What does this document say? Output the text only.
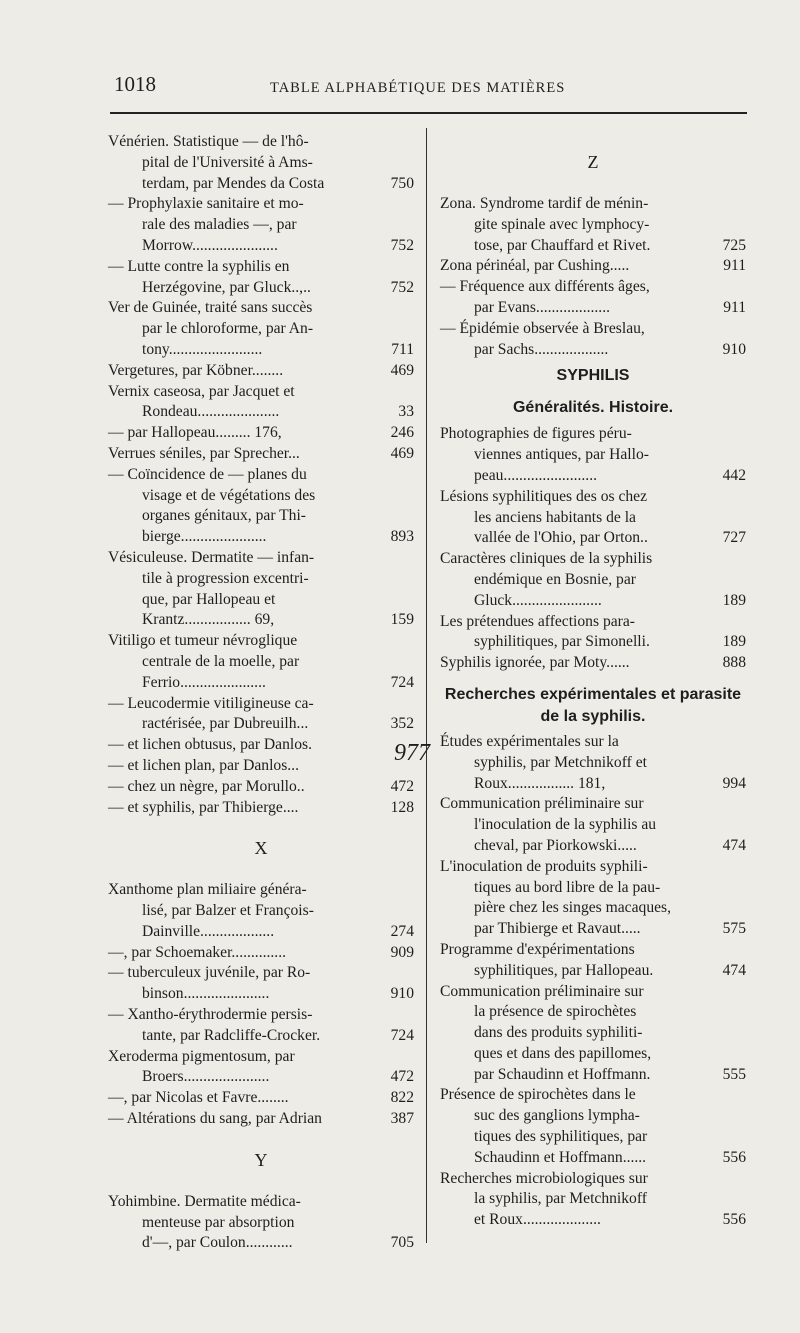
1018	TABLE ALPHABÉTIQUE DES MATIÈRES
Vénérien. Statistique — de l'hô-
pital de l'Université à Ams-
terdam, par Mendes da Costa	750
— Prophylaxie sanitaire et mo-
rale des maladies —, par
Morrow......................	752
— Lutte contre la syphilis en
Herzégovine, par Gluck..,..	752
Ver de Guinée, traité sans succès
par le chloroforme, par An-
tony........................	711
Vergetures, par Köbner........	469
Vernix caseosa, par Jacquet et
Rondeau.....................	33
— par Hallopeau......... 176,	246
Verrues séniles, par Sprecher...	469
— Coïncidence de — planes du
visage et de végétations des
organes génitaux, par Thi-
bierge......................	893
Vésiculeuse. Dermatite — infan-
tile à progression excentri-
que, par Hallopeau et
Krantz................. 69,	159
Vitiligo et tumeur névroglique
centrale de la moelle, par
Ferrio......................	724
— Leucodermie vitiligineuse ca-
ractérisée, par Dubreuilh...	352
— et lichen obtusus, par Danlos.
— et lichen plan, par Danlos...
— chez un nègre, par Morullo..	472
— et syphilis, par Thibierge....	128
X
Xanthome plan miliaire généra-
lisé, par Balzer et François-
Dainville...................	274
—, par Schoemaker..............	909
— tuberculeux juvénile, par Ro-
binson......................	910
— Xantho-érythrodermie persis-
tante, par Radcliffe-Crocker.	724
Xeroderma pigmentosum, par
Broers......................	472
—, par Nicolas et Favre........	822
— Altérations du sang, par Adrian	387
Y
Yohimbine. Dermatite médica-
menteuse par absorption
d'—, par Coulon............	705
Z
Zona. Syndrome tardif de ménin-
gite spinale avec lymphocy-
tose, par Chauffard et Rivet.	725
Zona périnéal, par Cushing.....	911
— Fréquence aux différents âges,
par Evans...................	911
— Épidémie observée à Breslau,
par Sachs...................	910
SYPHILIS
Généralités. Histoire.
Photographies de figures péru-
viennes antiques, par Hallo-
peau........................	442
Lésions syphilitiques des os chez
les anciens habitants de la
vallée de l'Ohio, par Orton..	727
Caractères cliniques de la syphilis
endémique en Bosnie, par
Gluck.......................	189
Les prétendues affections para-
syphilitiques, par Simonelli.	189
Syphilis ignorée, par Moty......	888
Recherches expérimentales et parasite de la syphilis.
Études expérimentales sur la
syphilis, par Metchnikoff et
Roux................. 181,	994
Communication préliminaire sur
l'inoculation de la syphilis au
cheval, par Piorkowski.....	474
L'inoculation de produits syphili-
tiques au bord libre de la pau-
pière chez les singes macaques,
par Thibierge et Ravaut.....	575
Programme d'expérimentations
syphilitiques, par Hallopeau.	474
Communication préliminaire sur
la présence de spirochètes
dans des produits syphiliti-
ques et dans des papillomes,
par Schaudinn et Hoffmann.	555
Présence de spirochètes dans le
suc des ganglions lympha-
tiques des syphilitiques, par
Schaudinn et Hoffmann......	556
Recherches microbiologiques sur
la syphilis, par Metchnikoff
et Roux....................	556
977
